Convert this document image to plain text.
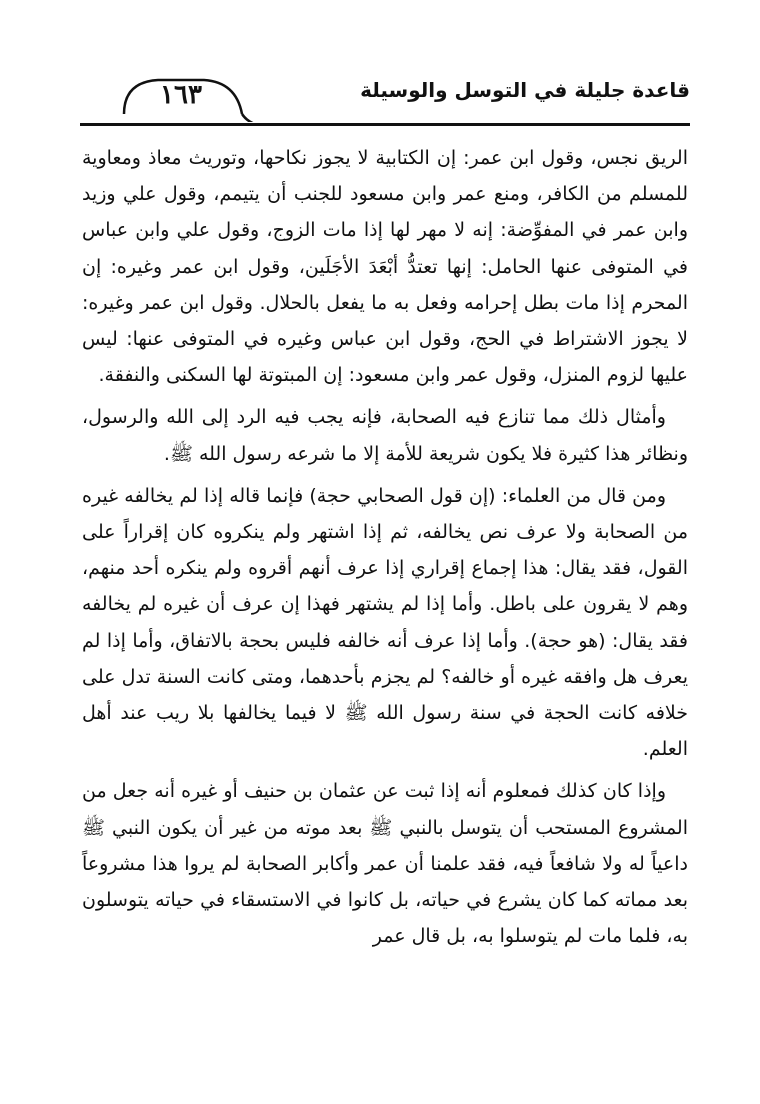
قاعدة جليلة في التوسل والوسيلة
١٦٣

الريق نجس، وقول ابن عمر: إن الكتابية لا يجوز نكاحها، وتوريث معاذ ومعاوية للمسلم من الكافر، ومنع عمر وابن مسعود للجنب أن يتيمم، وقول علي وزيد وابن عمر في المفوِّضة: إنه لا مهر لها إذا مات الزوج، وقول علي وابن عباس في المتوفى عنها الحامل: إنها تعتدُّ أبْعَدَ الأجَلَين، وقول ابن عمر وغيره: إن المحرم إذا مات بطل إحرامه وفعل به ما يفعل بالحلال. وقول ابن عمر وغيره: لا يجوز الاشتراط في الحج، وقول ابن عباس وغيره في المتوفى عنها: ليس عليها لزوم المنزل، وقول عمر وابن مسعود: إن المبتوتة لها السكنى والنفقة.

وأمثال ذلك مما تنازع فيه الصحابة، فإنه يجب فيه الرد إلى الله والرسول، ونظائر هذا كثيرة فلا يكون شريعة للأمة إلا ما شرعه رسول الله ﷺ.

ومن قال من العلماء: (إن قول الصحابي حجة) فإنما قاله إذا لم يخالفه غيره من الصحابة ولا عرف نص يخالفه، ثم إذا اشتهر ولم ينكروه كان إقراراً على القول، فقد يقال: هذا إجماع إقراري إذا عرف أنهم أقروه ولم ينكره أحد منهم، وهم لا يقرون على باطل. وأما إذا لم يشتهر فهذا إن عرف أن غيره لم يخالفه فقد يقال: (هو حجة). وأما إذا عرف أنه خالفه فليس بحجة بالاتفاق، وأما إذا لم يعرف هل وافقه غيره أو خالفه؟ لم يجزم بأحدهما، ومتى كانت السنة تدل على خلافه كانت الحجة في سنة رسول الله ﷺ لا فيما يخالفها بلا ريب عند أهل العلم.

وإذا كان كذلك فمعلوم أنه إذا ثبت عن عثمان بن حنيف أو غيره أنه جعل من المشروع المستحب أن يتوسل بالنبي ﷺ بعد موته من غير أن يكون النبي ﷺ داعياً له ولا شافعاً فيه، فقد علمنا أن عمر وأكابر الصحابة لم يروا هذا مشروعاً بعد مماته كما كان يشرع في حياته، بل كانوا في الاستسقاء في حياته يتوسلون به، فلما مات لم يتوسلوا به، بل قال عمر
